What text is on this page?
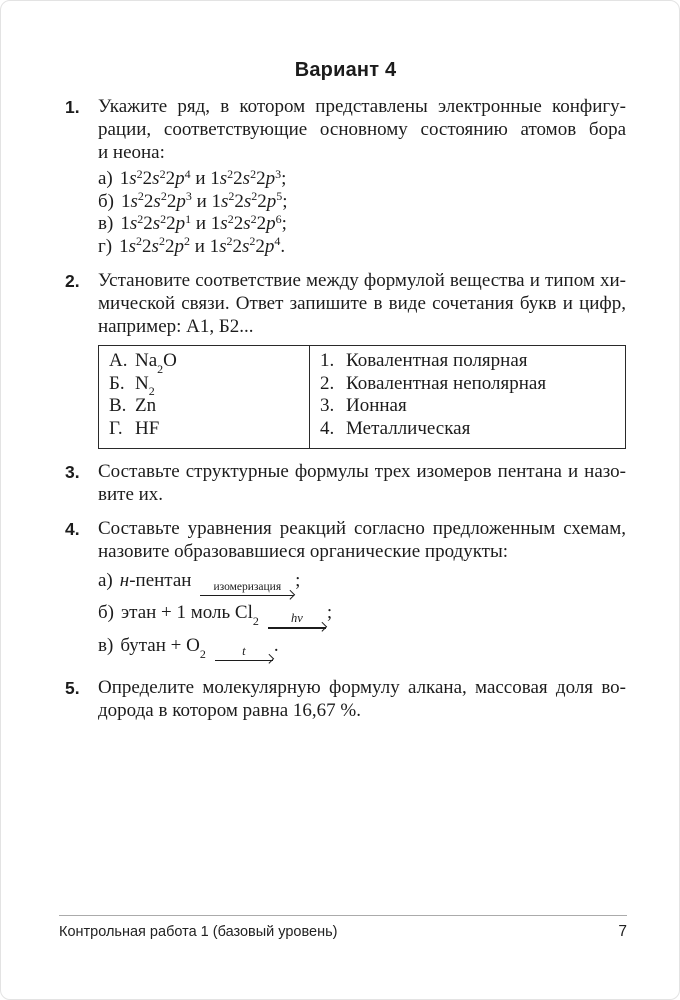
Вариант 4
1. Укажите ряд, в котором представлены электронные конфигу-
рации, соответствующие основному состоянию атомов бора
и неона:
а) $1s^22s^22p^4$ и $1s^22s^22p^3$;
б) $1s^22s^22p^3$ и $1s^22s^22p^5$;
в) $1s^22s^22p^1$ и $1s^22s^22p^6$;
г) $1s^22s^22p^2$ и $1s^22s^22p^4$.
2. Установите соответствие между формулой вещества и типом хи-
мической связи. Ответ запишите в виде сочетания букв и цифр,
например: А1, Б2...
А. $Na_2O$
Б. $N_2$
В. Zn
Г. HF

1. Ковалентная полярная
2. Ковалентная неполярная
3. Ионная
4. Металлическая
3. Составьте структурные формулы трех изомеров пентана и назо-
вите их.
4. Составьте уравнения реакций согласно предложенным схемам,
назовите образовавшиеся органические продукты:
а) н-пентан	изомеризация ;
б) этан + 1 моль $Cl_2$	hν	;
в) бутан + $O_2$	t	.
5. Определите молекулярную формулу алкана, массовая доля во-
дорода в котором равна 16,67 %.
Контрольная работа 1 (базовый уровень)	7
